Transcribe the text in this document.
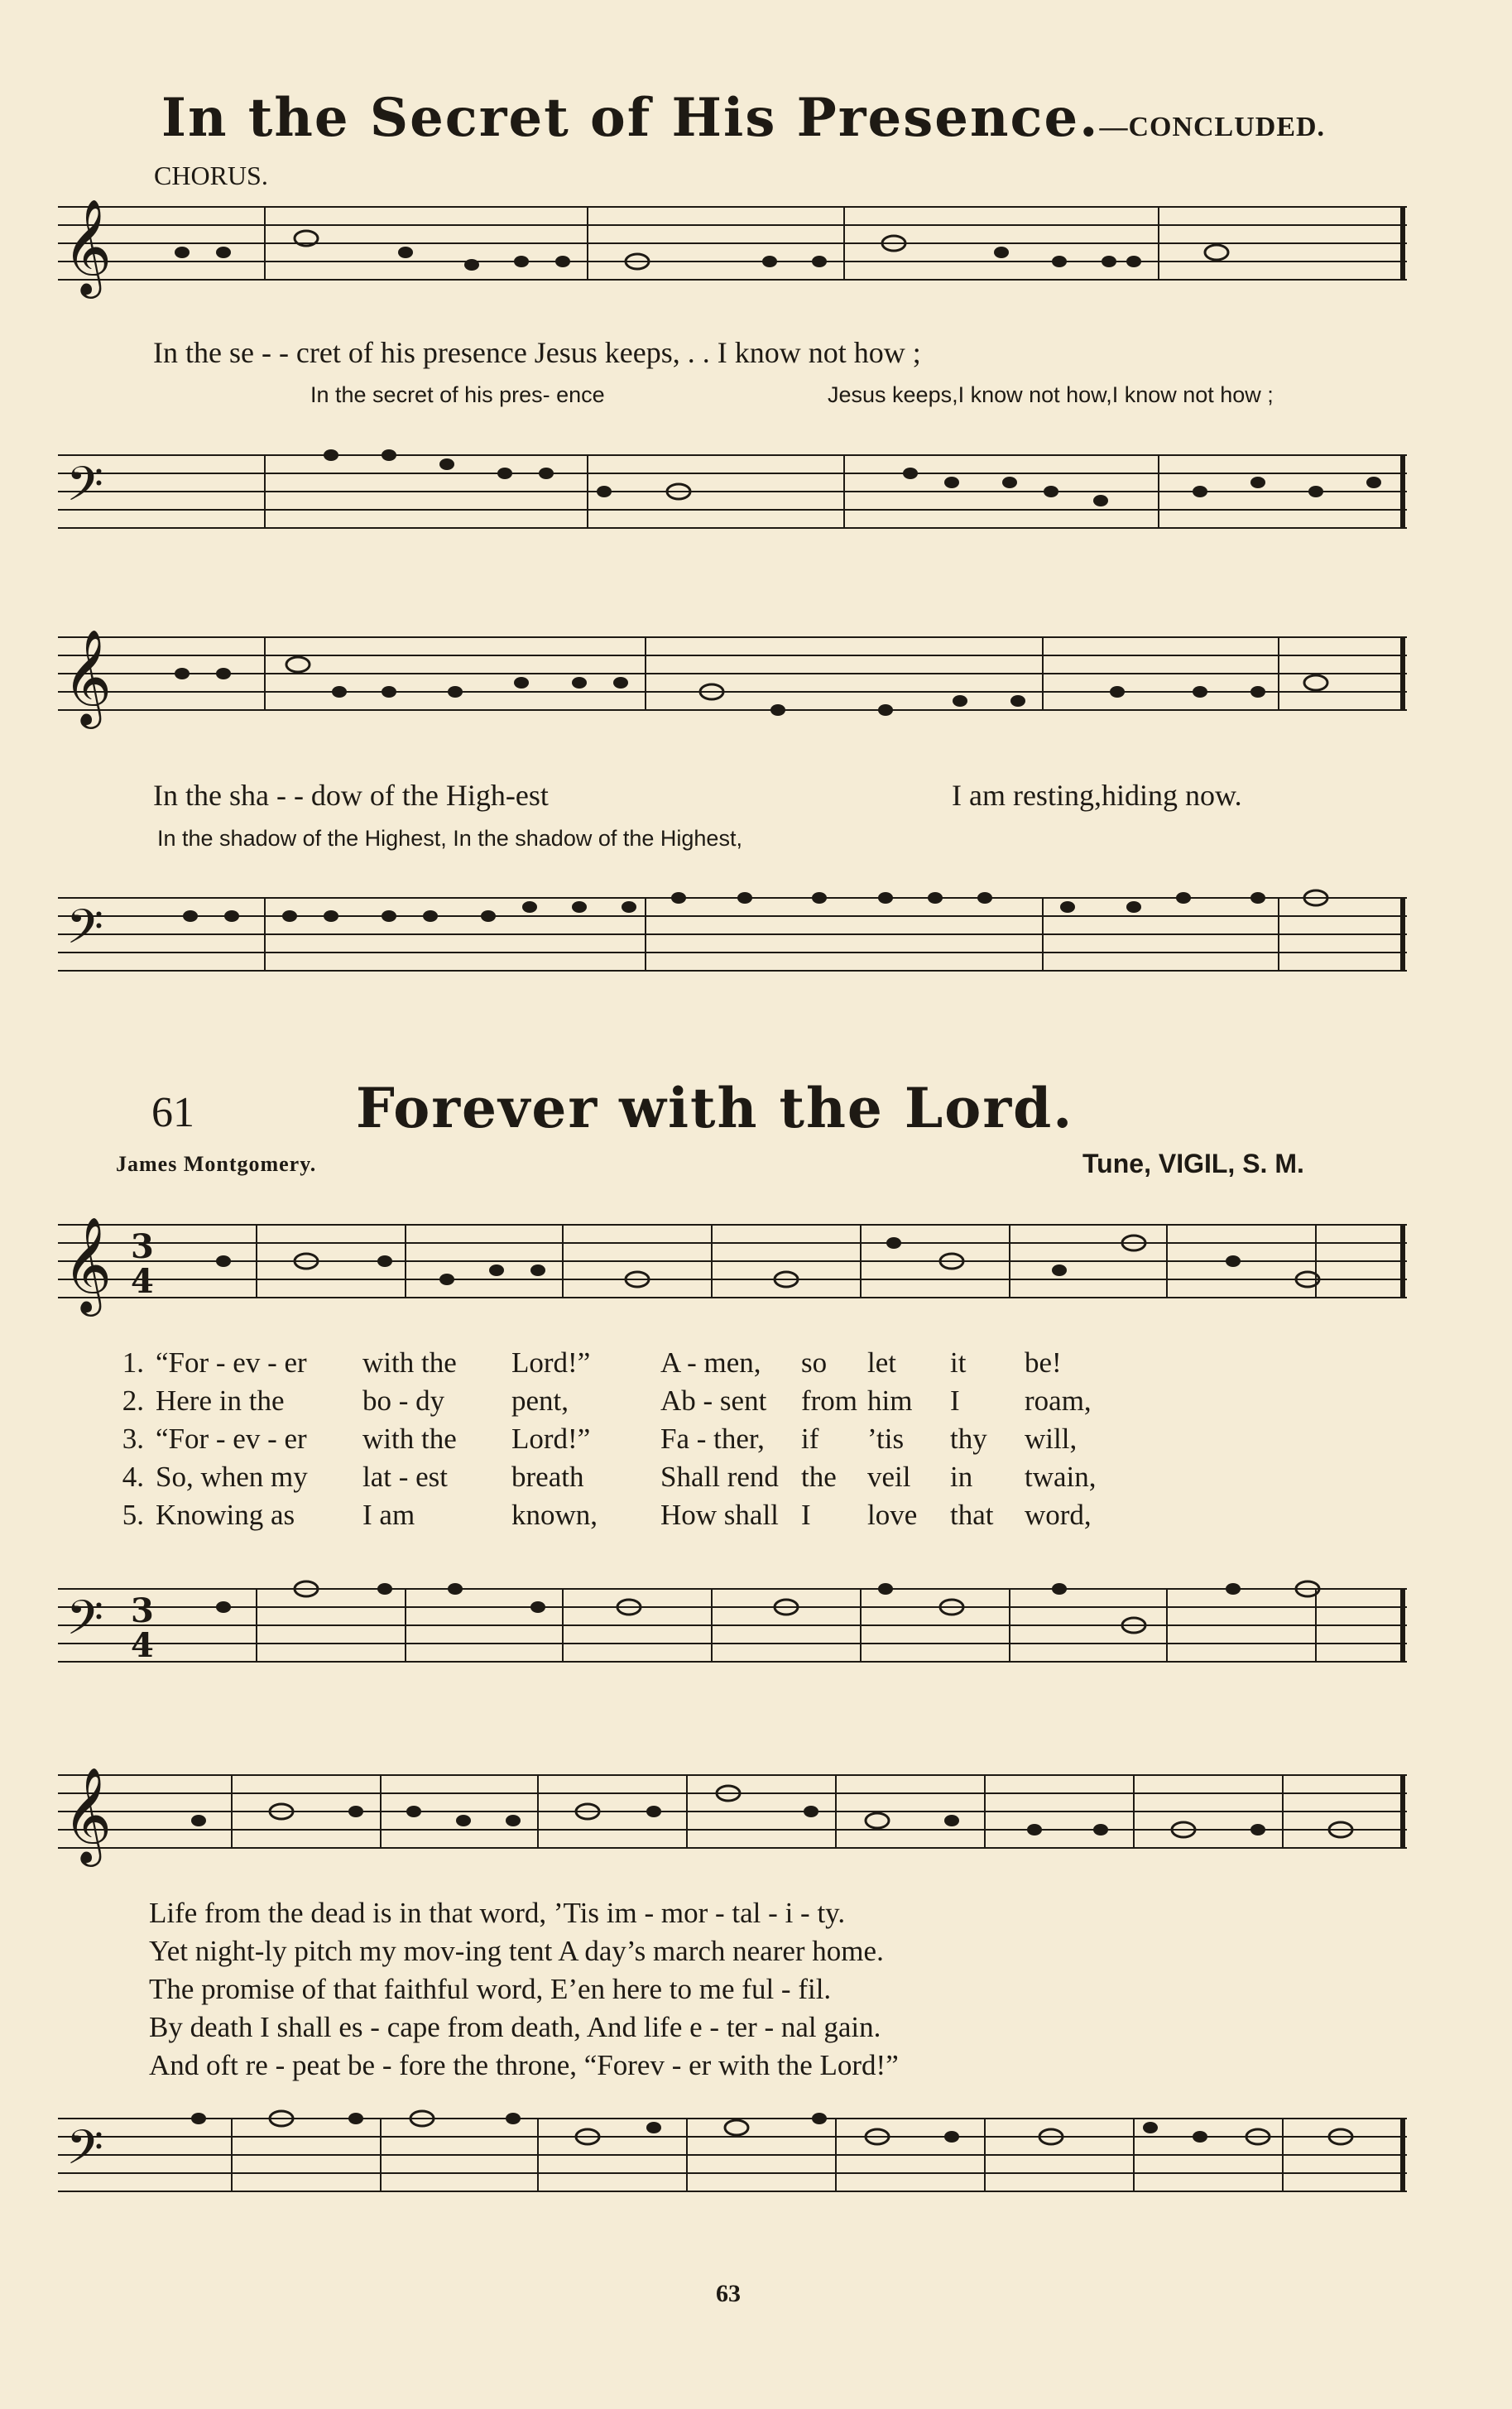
In the Secret of His Presence.—CONCLUDED.
CHORUS.
𝄞
In the se - - cret of his presence Jesus keeps, . . I know not how ;
In the secret of his pres- ence	Jesus keeps,I know not how,I know not how ;
𝄢
𝄞
In the sha - - dow of the High-est	I am resting,hiding now.
In the shadow of the Highest, In the shadow of the Highest,
𝄢
61	Forever with the Lord.
James Montgomery.	Tune, VIGIL, S. M.
𝄞 3
4
1.	“For - ev - er	with the	Lord!”	A - men,	so	let	it	be!
2.	Here in the	bo - dy	pent,	Ab - sent	from	him	I	roam,
3.	“For - ev - er	with the	Lord!”	Fa - ther,	if	’tis	thy	will,
4.	So, when my	lat - est	breath	Shall rend	the	veil	in	twain,
5.	Knowing as	I am	known,	How shall	I	love	that	word,
𝄢 3
4
𝄞
Life from the dead is in that word, ’Tis im - mor - tal - i - ty.
Yet night-ly pitch my mov-ing tent A day’s march nearer home.
The promise of that faithful word, E’en here to me ful - fil.
By death I shall es - cape from death, And life e - ter - nal gain.
And oft re - peat be - fore the throne, “Forev - er with the Lord!”
𝄢
63
